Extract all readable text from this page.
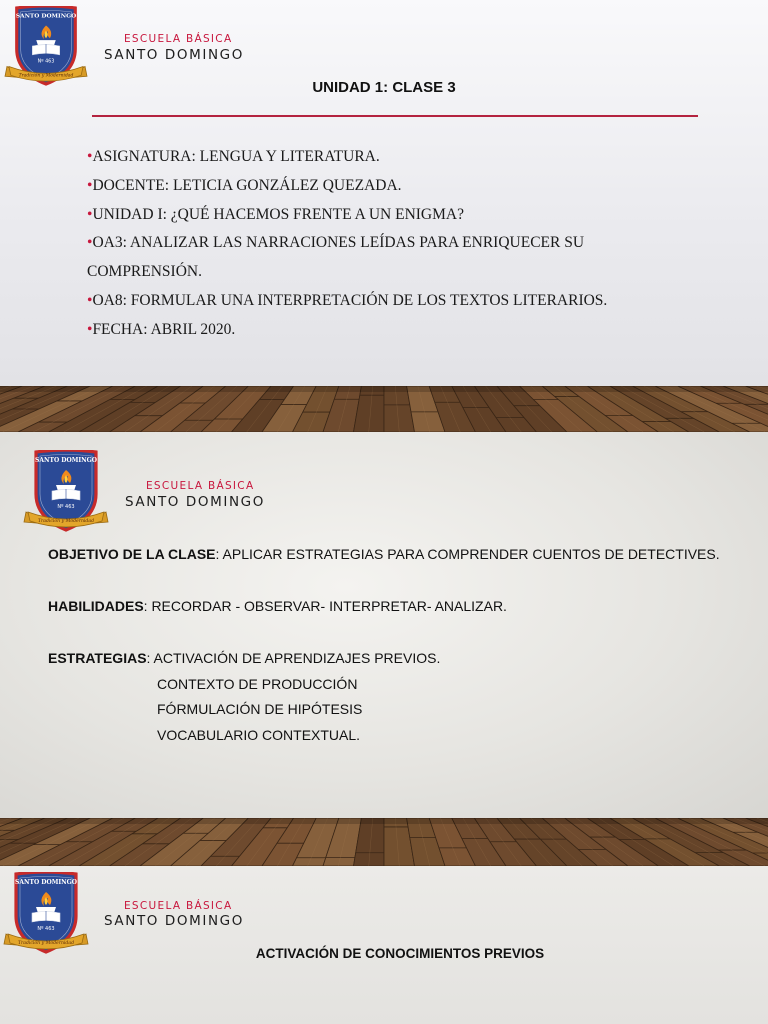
SANTO DOMINGO
Nº 463
Tradición y Modernidad
ESCUELA BÁSICA
SANTO DOMINGO
UNIDAD 1: CLASE 3
•ASIGNATURA: LENGUA Y LITERATURA.
•DOCENTE: LETICIA GONZÁLEZ QUEZADA.
•UNIDAD I: ¿QUÉ HACEMOS FRENTE A UN ENIGMA?
•OA3: ANALIZAR LAS NARRACIONES LEÍDAS PARA ENRIQUECER SU COMPRENSIÓN.
•OA8: FORMULAR UNA INTERPRETACIÓN DE LOS TEXTOS LITERARIOS.
•FECHA: ABRIL 2020.
SANTO DOMINGO
Nº 463
Tradición y Modernidad
ESCUELA BÁSICA
SANTO DOMINGO

OBJETIVO DE LA CLASE: APLICAR ESTRATEGIAS PARA COMPRENDER CUENTOS DE DETECTIVES.

HABILIDADES: RECORDAR - OBSERVAR- INTERPRETAR- ANALIZAR.

ESTRATEGIAS: ACTIVACIÓN DE APRENDIZAJES PREVIOS.

CONTEXTO DE PRODUCCIÓN
FÓRMULACIÓN DE HIPÓTESIS
VOCABULARIO CONTEXTUAL.
SANTO DOMINGO
Nº 463
Tradición y Modernidad
ESCUELA BÁSICA
SANTO DOMINGO
ACTIVACIÓN DE CONOCIMIENTOS PREVIOS
